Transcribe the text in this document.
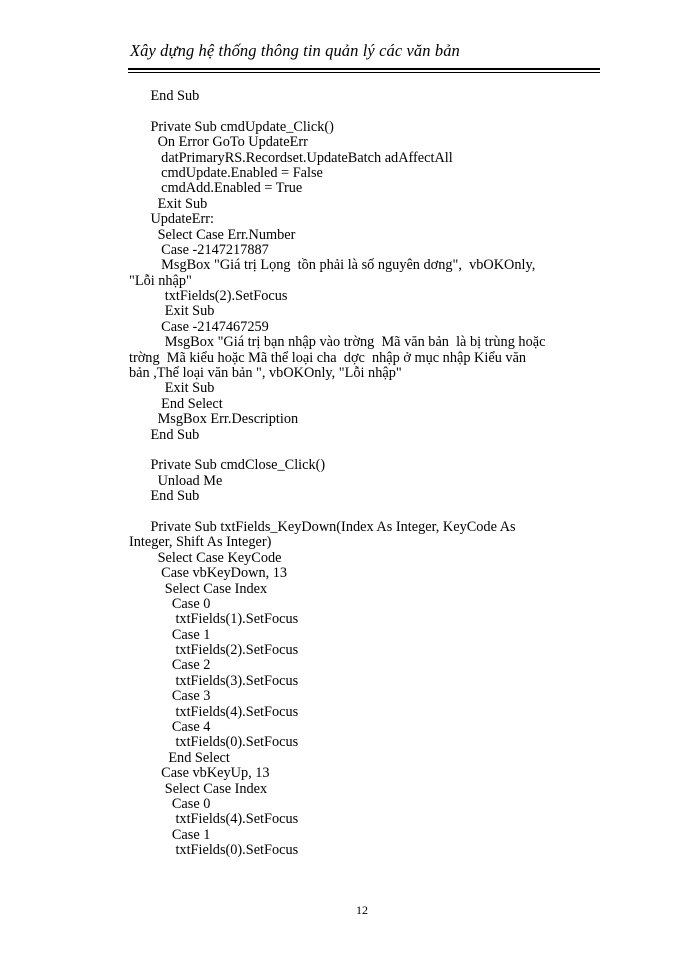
Xây dựng hệ thống thông tin quản lý các văn bản
End Sub
Private Sub cmdUpdate_Click()
On Error GoTo UpdateErr
datPrimaryRS.Recordset.UpdateBatch adAffectAll
cmdUpdate.Enabled = False
cmdAdd.Enabled = True
Exit Sub
UpdateErr:
Select Case Err.Number
Case -2147217887
MsgBox "Giá trị Lọng  tồn phải là số nguyên dơng",  vbOKOnly,
"Lỗi nhập"
txtFields(2).SetFocus
Exit Sub
Case -2147467259
MsgBox "Giá trị bạn nhập vào trờng  Mã văn bản  là bị trùng hoặc
trờng  Mã kiểu hoặc Mã thể loại cha  dợc  nhập ở mục nhập Kiểu văn
bản ,Thể loại văn bản ", vbOKOnly, "Lỗi nhập"
Exit Sub
End Select
MsgBox Err.Description
End Sub
Private Sub cmdClose_Click()
Unload Me
End Sub
Private Sub txtFields_KeyDown(Index As Integer, KeyCode As
Integer, Shift As Integer)
Select Case KeyCode
Case vbKeyDown, 13
Select Case Index
Case 0
txtFields(1).SetFocus
Case 1
txtFields(2).SetFocus
Case 2
txtFields(3).SetFocus
Case 3
txtFields(4).SetFocus
Case 4
txtFields(0).SetFocus
End Select
Case vbKeyUp, 13
Select Case Index
Case 0
txtFields(4).SetFocus
Case 1
txtFields(0).SetFocus
12
